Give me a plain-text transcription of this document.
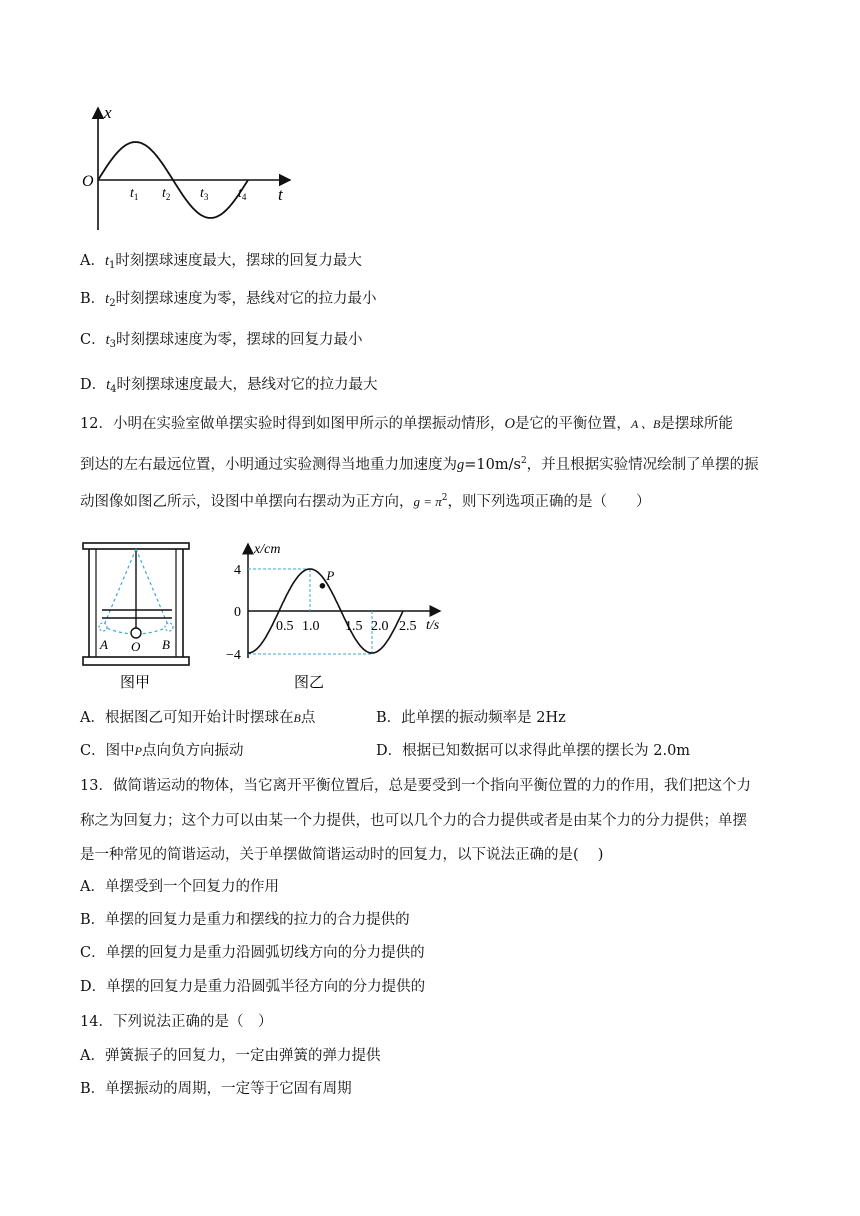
x
O
t
$t_1$ $t_2$ $t_3$ $t_4$
A．$t_1$时刻摆球速度最大，摆球的回复力最大
B．$t_2$时刻摆球速度为零，悬线对它的拉力最小
C．$t_3$时刻摆球速度为零，摆球的回复力最小
D．$t_4$时刻摆球速度最大，悬线对它的拉力最大
12．小明在实验室做单摆实验时得到如图甲所示的单摆振动情形，O是它的平衡位置，A 、B是摆球所能
到达的左右最远位置，小明通过实验测得当地重力加速度为$g=10m/s^2$，并且根据实验情况绘制了单摆的振
动图像如图乙所示，设图中单摆向右摆动为正方向，$g = \pi^2$，则下列选项正确的是（　　）
A O B
图甲
P
x/cm
t/s
4
0
−4
0.5 1.0 1.5 2.0 2.5
图乙
A．根据图乙可知开始计时摆球在B点	B．此单摆的振动频率是 2Hz
C．图中P点向负方向振动	D．根据已知数据可以求得此单摆的摆长为 2.0m
13．做简谐运动的物体，当它离开平衡位置后，总是要受到一个指向平衡位置的力的作用，我们把这个力
称之为回复力；这个力可以由某一个力提供，也可以几个力的合力提供或者是由某个力的分力提供；单摆
是一种常见的简谐运动，关于单摆做简谐运动时的回复力，以下说法正确的是(　 )
A．单摆受到一个回复力的作用
B．单摆的回复力是重力和摆线的拉力的合力提供的
C．单摆的回复力是重力沿圆弧切线方向的分力提供的
D．单摆的回复力是重力沿圆弧半径方向的分力提供的
14．下列说法正确的是（　）
A．弹簧振子的回复力，一定由弹簧的弹力提供
B．单摆振动的周期，一定等于它固有周期
